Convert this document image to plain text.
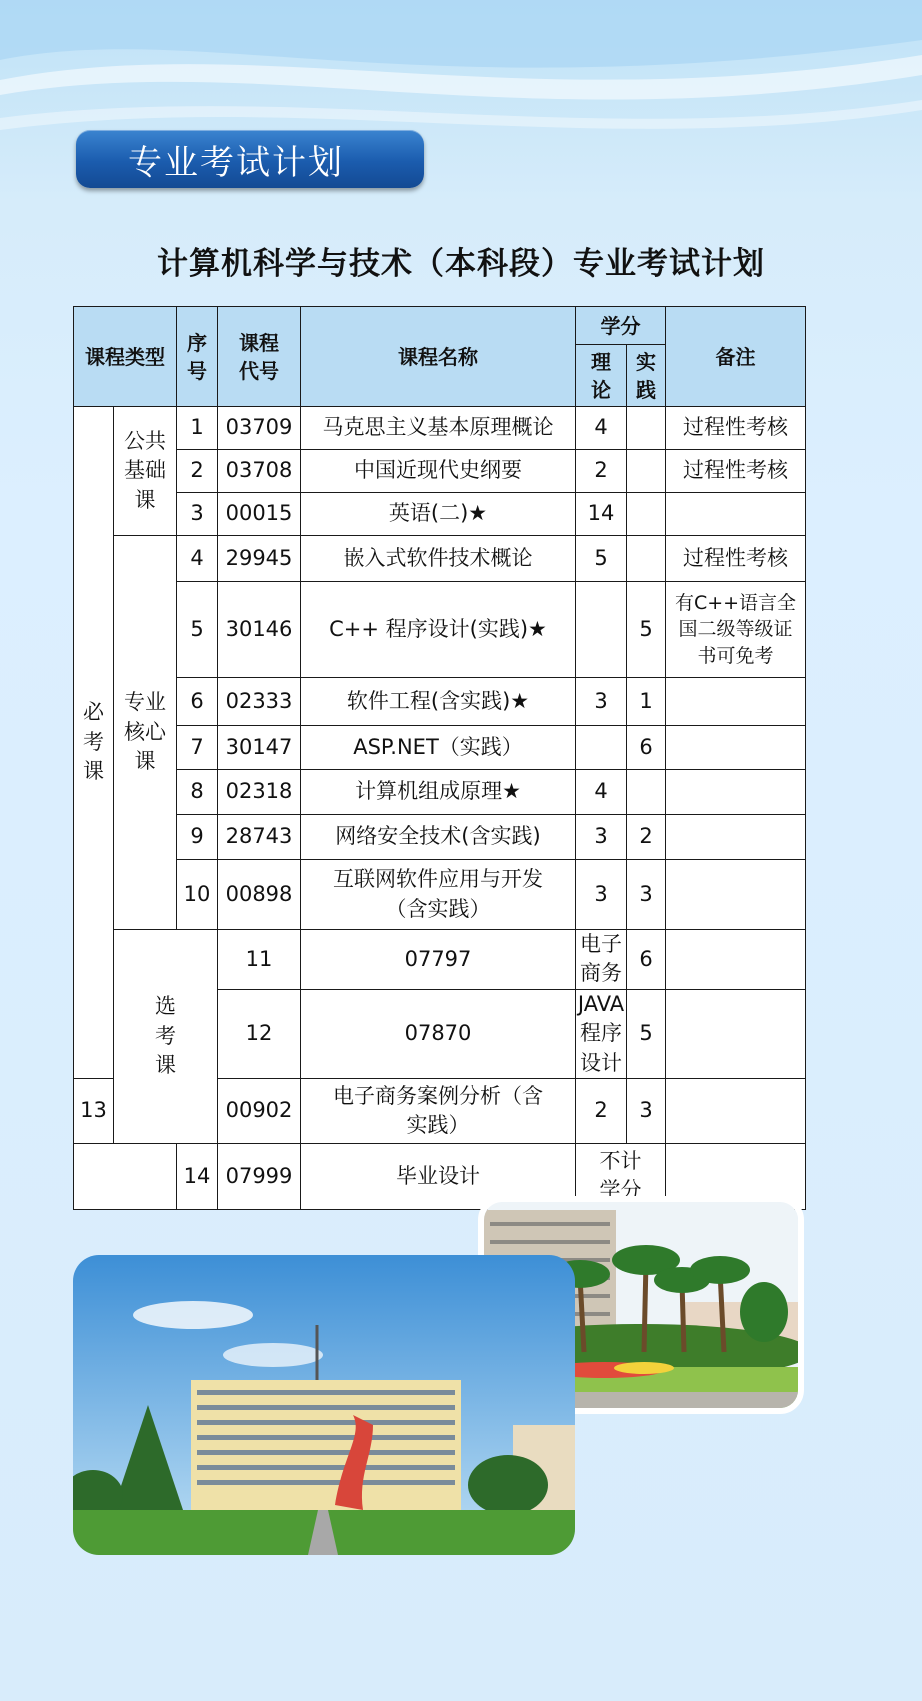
专业考试计划
计算机科学与技术（本科段）专业考试计划
课程类型		序号	课程代号	课程名称	学分		备注	
					理论	实践		
必考课	公共基础课	1	03709	马克思主义基本原理概论	4		过程性考核	
		2	03708	中国近现代史纲要	2		过程性考核	
		3	00015	英语(二)★	14			
	专业核心课	4	29945	嵌入式软件技术概论	5		过程性考核	
		5	30146	C++ 程序设计(实践)★		5	有C++语言全国二级等级证书可免考	
		6	02333	软件工程(含实践)★	3	1		
		7	30147	ASP.NET（实践）		6		
		8	02318	计算机组成原理★	4			
		9	28743	网络安全技术(含实践)	3	2		
		10	00898	互联网软件应用与开发（含实践）	3	3		
	选考课		11	07797	电子商务	6		
			12	07870	JAVA 程序设计	5		
13			00902	电子商务案例分析（含实践）	2	3		
		14	07999	毕业设计	不计学分			
